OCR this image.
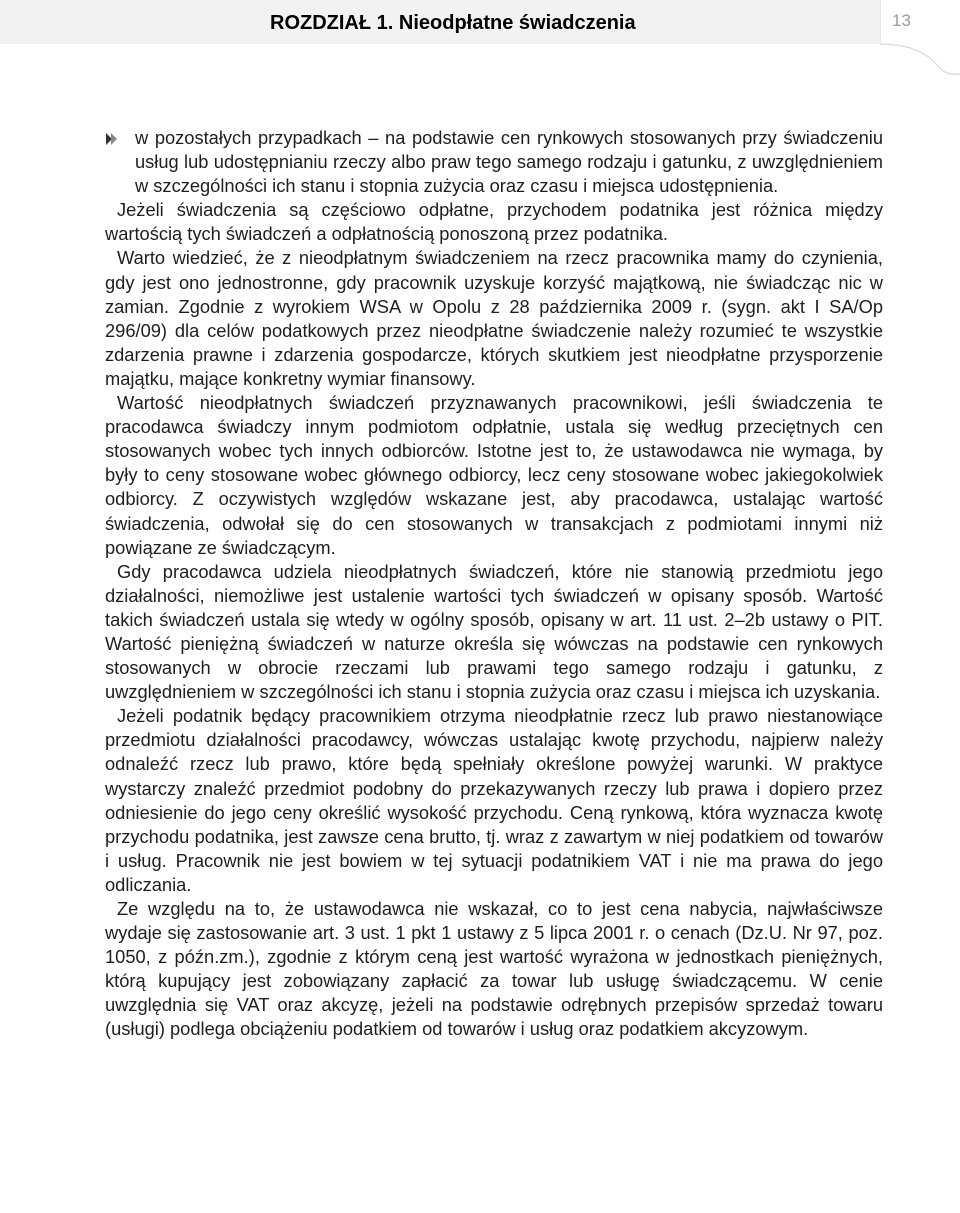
ROZDZIAŁ 1. Nieodpłatne świadczenia	13

w pozostałych przypadkach – na podstawie cen rynkowych stosowanych przy świadczeniu usług lub udostępnianiu rzeczy albo praw tego samego rodzaju i gatunku, z uwzględnieniem w szczególności ich stanu i stopnia zużycia oraz czasu i miejsca udostępnienia.

Jeżeli świadczenia są częściowo odpłatne, przychodem podatnika jest różnica między wartością tych świadczeń a odpłatnością ponoszoną przez podatnika.

Warto wiedzieć, że z nieodpłatnym świadczeniem na rzecz pracownika mamy do czynienia, gdy jest ono jednostronne, gdy pracownik uzyskuje korzyść majątkową, nie świadcząc nic w zamian. Zgodnie z wyrokiem WSA w Opolu z 28 października 2009 r. (sygn. akt I SA/Op 296/09) dla celów podatkowych przez nieodpłatne świadczenie należy rozumieć te wszystkie zdarzenia prawne i zdarzenia gospodarcze, których skutkiem jest nieodpłatne przysporzenie majątku, mające konkretny wymiar finansowy.

Wartość nieodpłatnych świadczeń przyznawanych pracownikowi, jeśli świadczenia te pracodawca świadczy innym podmiotom odpłatnie, ustala się według przeciętnych cen stosowanych wobec tych innych odbiorców. Istotne jest to, że ustawodawca nie wymaga, by były to ceny stosowane wobec głównego odbiorcy, lecz ceny stosowane wobec jakiegokolwiek odbiorcy. Z oczywistych względów wskazane jest, aby pracodawca, ustalając wartość świadczenia, odwołał się do cen stosowanych w transakcjach z podmiotami innymi niż powiązane ze świadczącym.

Gdy pracodawca udziela nieodpłatnych świadczeń, które nie stanowią przedmiotu jego działalności, niemożliwe jest ustalenie wartości tych świadczeń w opisany sposób. Wartość takich świadczeń ustala się wtedy w ogólny sposób, opisany w art. 11 ust. 2–2b ustawy o PIT. Wartość pieniężną świadczeń w naturze określa się wówczas na podstawie cen rynkowych stosowanych w obrocie rzeczami lub prawami tego samego rodzaju i gatunku, z uwzględnieniem w szczególności ich stanu i stopnia zużycia oraz czasu i miejsca ich uzyskania.

Jeżeli podatnik będący pracownikiem otrzyma nieodpłatnie rzecz lub prawo niestanowiące przedmiotu działalności pracodawcy, wówczas ustalając kwotę przychodu, najpierw należy odnaleźć rzecz lub prawo, które będą spełniały określone powyżej warunki. W praktyce wystarczy znaleźć przedmiot podobny do przekazywanych rzeczy lub prawa i dopiero przez odniesienie do jego ceny określić wysokość przychodu. Ceną rynkową, która wyznacza kwotę przychodu podatnika, jest zawsze cena brutto, tj. wraz z zawartym w niej podatkiem od towarów i usług. Pracownik nie jest bowiem w tej sytuacji podatnikiem VAT i nie ma prawa do jego odliczania.

Ze względu na to, że ustawodawca nie wskazał, co to jest cena nabycia, najwłaściwsze wydaje się zastosowanie art. 3 ust. 1 pkt 1 ustawy z 5 lipca 2001 r. o cenach (Dz.U. Nr 97, poz. 1050, z późn.zm.), zgodnie z którym ceną jest wartość wyrażona w jednostkach pieniężnych, którą kupujący jest zobowiązany zapłacić za towar lub usługę świadczącemu. W cenie uwzględnia się VAT oraz akcyzę, jeżeli na podstawie odrębnych przepisów sprzedaż towaru (usługi) podlega obciążeniu podatkiem od towarów i usług oraz podatkiem akcyzowym.
